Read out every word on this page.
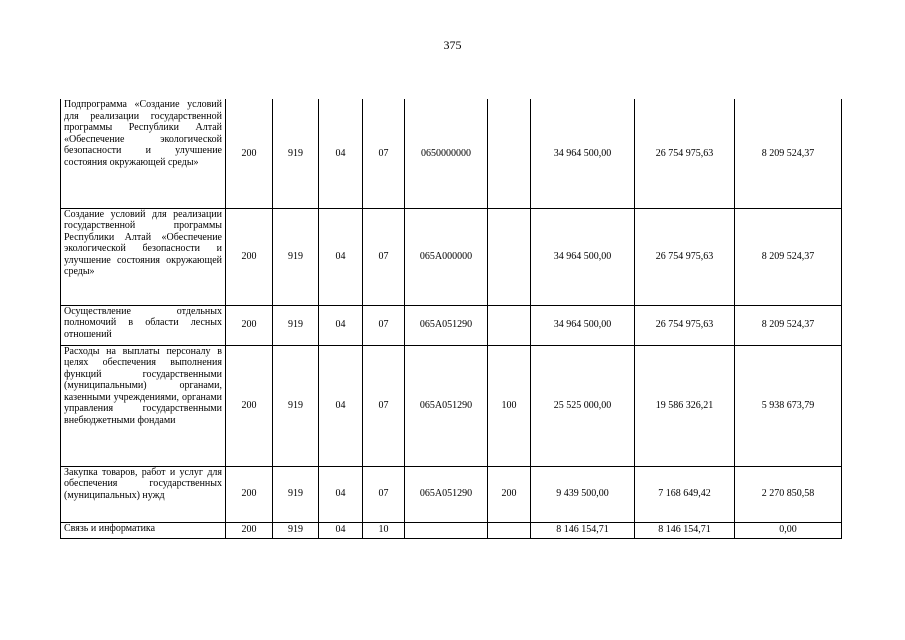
375
Подпрограмма «Создание условий для реализации государственной программы Республики Алтай «Обеспечение экологической безопасности и улучшение состояния окружающей среды»	200	919	04	07	0650000000		34 964 500,00	26 754 975,63	8 209 524,37
Создание условий для реализации государственной программы Республики Алтай «Обеспечение экологической безопасности и улучшение состояния окружающей среды»	200	919	04	07	065A000000		34 964 500,00	26 754 975,63	8 209 524,37
Осуществление отдельных полномочий в области лесных отношений	200	919	04	07	065A051290		34 964 500,00	26 754 975,63	8 209 524,37
Расходы на выплаты персоналу в целях обеспечения выполнения функций государственными (муниципальными) органами, казенными учреждениями, органами управления государственными внебюджетными фондами	200	919	04	07	065A051290	100	25 525 000,00	19 586 326,21	5 938 673,79
Закупка товаров, работ и услуг для обеспечения государственных (муниципальных) нужд	200	919	04	07	065A051290	200	9 439 500,00	7 168 649,42	2 270 850,58
Связь и информатика	200	919	04	10			8 146 154,71	8 146 154,71	0,00
